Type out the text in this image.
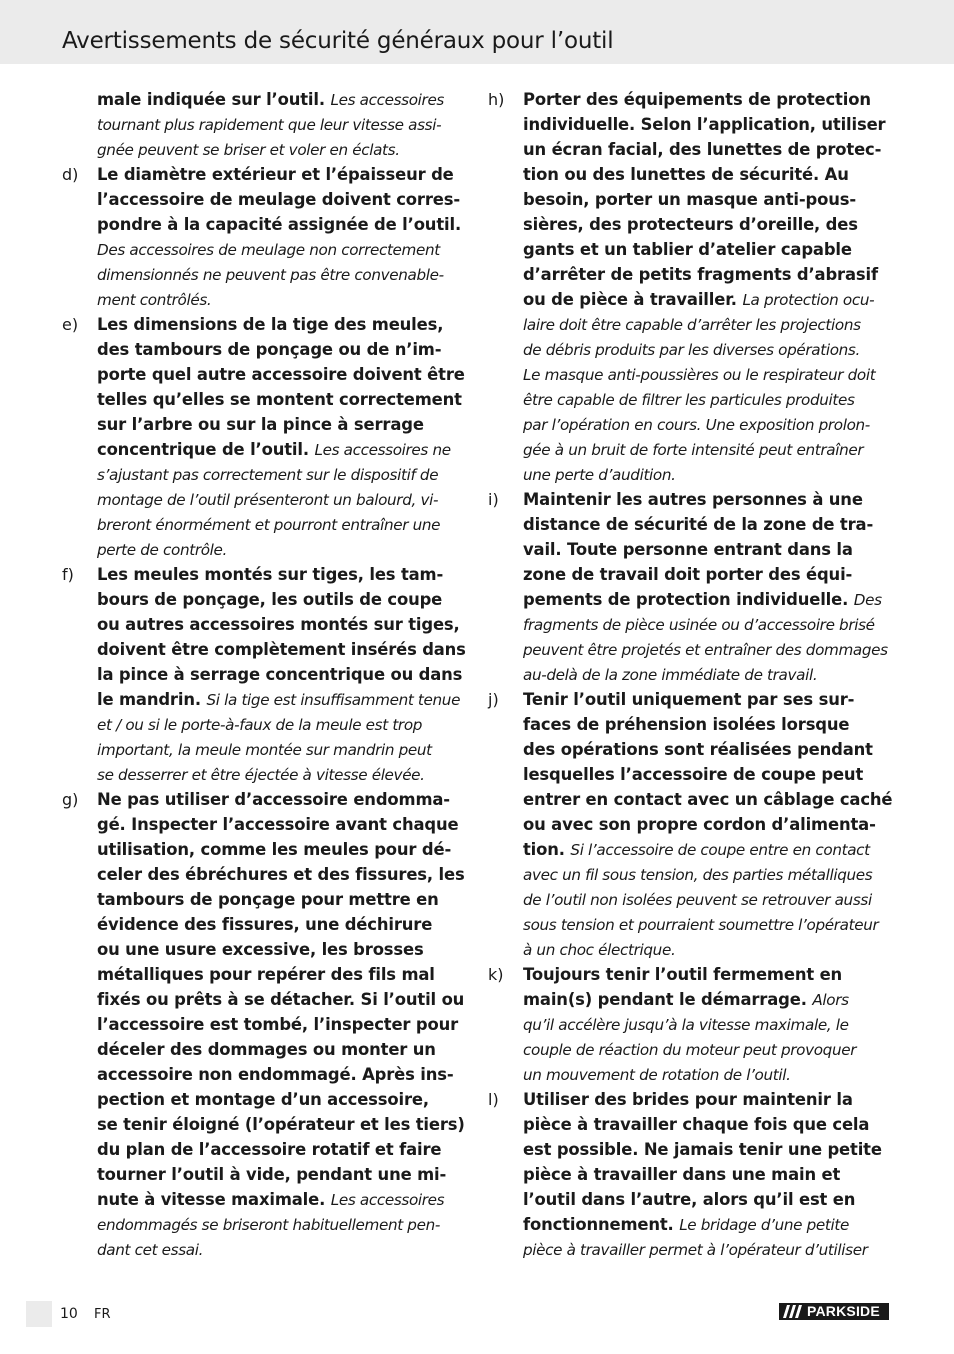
Avertissements de sécurité généraux pour l’outil
male indiquée sur l’outil. Les accessoires
tournant plus rapidement que leur vitesse assi-
gnée peuvent se briser et voler en éclats.
d) Le diamètre extérieur et l’épaisseur de
l’accessoire de meulage doivent corres-
pondre à la capacité assignée de l’outil.
Des accessoires de meulage non correctement
dimensionnés ne peuvent pas être convenable-
ment contrôlés.
e) Les dimensions de la tige des meules,
des tambours de ponçage ou de n’im-
porte quel autre accessoire doivent être
telles qu’elles se montent correctement
sur l’arbre ou sur la pince à serrage
concentrique de l’outil. Les accessoires ne
s’ajustant pas correctement sur le dispositif de
montage de l’outil présenteront un balourd, vi-
breront énormément et pourront entraîner une
perte de contrôle.
f) Les meules montés sur tiges, les tam-
bours de ponçage, les outils de coupe
ou autres accessoires montés sur tiges,
doivent être complètement insérés dans
la pince à serrage concentrique ou dans
le mandrin. Si la tige est insuffisamment tenue
et / ou si le porte-à-faux de la meule est trop
important, la meule montée sur mandrin peut
se desserrer et être éjectée à vitesse élevée.
g) Ne pas utiliser d’accessoire endomma-
gé. Inspecter l’accessoire avant chaque
utilisation, comme les meules pour dé-
celer des ébréchures et des fissures, les
tambours de ponçage pour mettre en
évidence des fissures, une déchirure
ou une usure excessive, les brosses
métalliques pour repérer des fils mal
fixés ou prêts à se détacher. Si l’outil ou
l’accessoire est tombé, l’inspecter pour
déceler des dommages ou monter un
accessoire non endommagé. Après ins-
pection et montage d’un accessoire,
se tenir éloigné (l’opérateur et les tiers)
du plan de l’accessoire rotatif et faire
tourner l’outil à vide, pendant une mi-
nute à vitesse maximale. Les accessoires
endommagés se briseront habituellement pen-
dant cet essai.
h) Porter des équipements de protection
individuelle. Selon l’application, utiliser
un écran facial, des lunettes de protec-
tion ou des lunettes de sécurité. Au
besoin, porter un masque anti-pous-
sières, des protecteurs d’oreille, des
gants et un tablier d’atelier capable
d’arrêter de petits fragments d’abrasif
ou de pièce à travailler. La protection ocu-
laire doit être capable d’arrêter les projections
de débris produits par les diverses opérations.
Le masque anti-poussières ou le respirateur doit
être capable de filtrer les particules produites
par l’opération en cours. Une exposition prolon-
gée à un bruit de forte intensité peut entraîner
une perte d’audition.
i) Maintenir les autres personnes à une
distance de sécurité de la zone de tra-
vail. Toute personne entrant dans la
zone de travail doit porter des équi-
pements de protection individuelle. Des
fragments de pièce usinée ou d’accessoire brisé
peuvent être projetés et entraîner des dommages
au-delà de la zone immédiate de travail.
j) Tenir l’outil uniquement par ses sur-
faces de préhension isolées lorsque
des opérations sont réalisées pendant
lesquelles l’accessoire de coupe peut
entrer en contact avec un câblage caché
ou avec son propre cordon d’alimenta-
tion. Si l’accessoire de coupe entre en contact
avec un fil sous tension, des parties métalliques
de l’outil non isolées peuvent se retrouver aussi
sous tension et pourraient soumettre l’opérateur
à un choc électrique.
k) Toujours tenir l’outil fermement en
main(s) pendant le démarrage. Alors
qu’il accélère jusqu’à la vitesse maximale, le
couple de réaction du moteur peut provoquer
un mouvement de rotation de l’outil.
l) Utiliser des brides pour maintenir la
pièce à travailler chaque fois que cela
est possible. Ne jamais tenir une petite
pièce à travailler dans une main et
l’outil dans l’autre, alors qu’il est en
fonctionnement. Le bridage d’une petite
pièce à travailler permet à l’opérateur d’utiliser
10 FR	PARKSIDE
